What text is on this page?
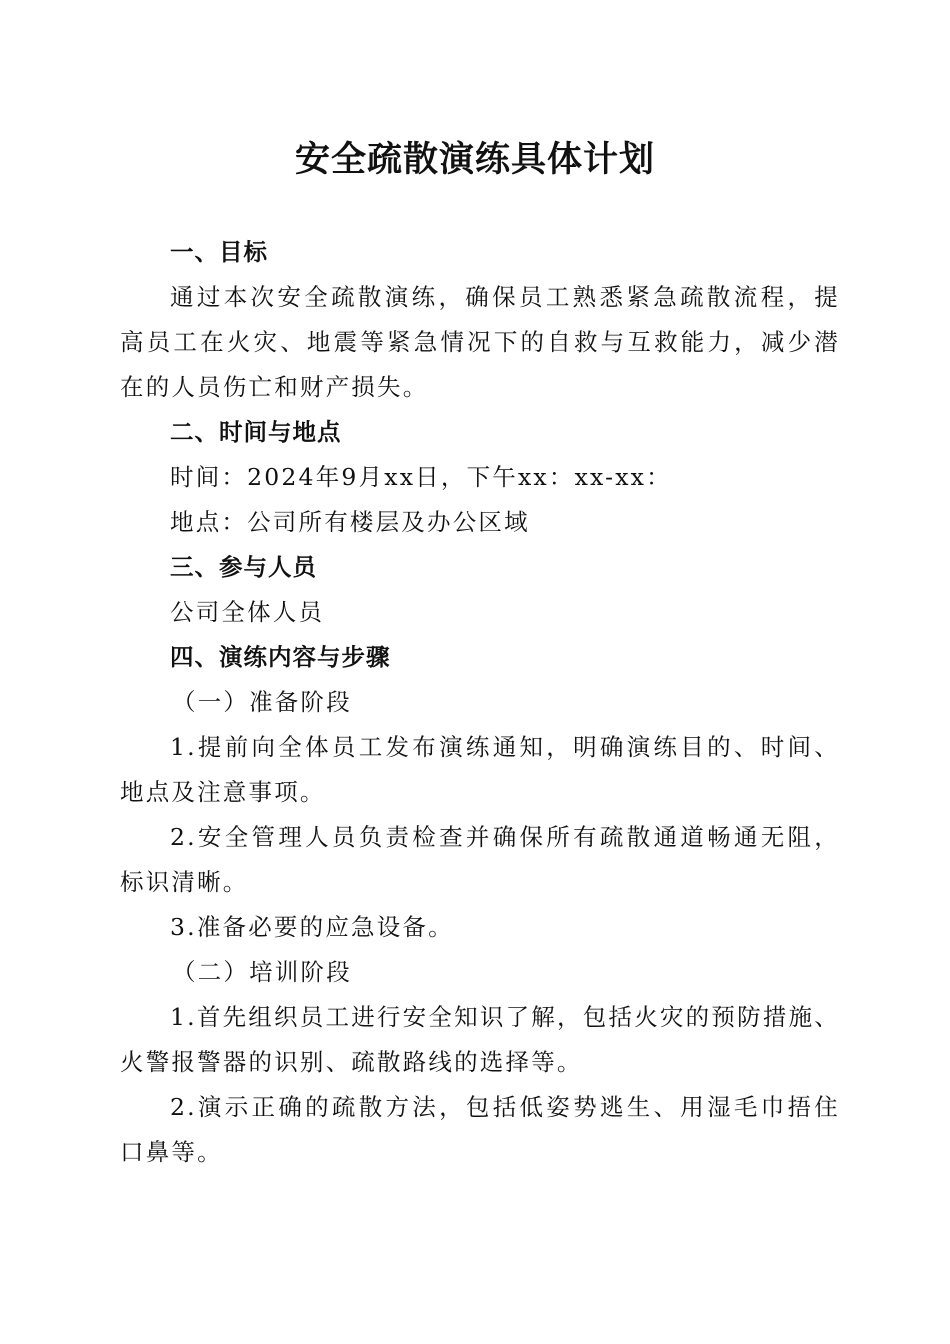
安全疏散演练具体计划
一、目标
通过本次安全疏散演练，确保员工熟悉紧急疏散流程，提
高员工在火灾、地震等紧急情况下的自救与互救能力，减少潜
在的人员伤亡和财产损失。
二、时间与地点
时间：2024年9月xx日，下午xx：xx-xx：
地点：公司所有楼层及办公区域
三、参与人员
公司全体人员
四、演练内容与步骤
（一）准备阶段
1.提前向全体员工发布演练通知，明确演练目的、时间、
地点及注意事项。
2.安全管理人员负责检查并确保所有疏散通道畅通无阻，
标识清晰。
3.准备必要的应急设备。
（二）培训阶段
1.首先组织员工进行安全知识了解，包括火灾的预防措施、
火警报警器的识别、疏散路线的选择等。
2.演示正确的疏散方法，包括低姿势逃生、用湿毛巾捂住
口鼻等。
